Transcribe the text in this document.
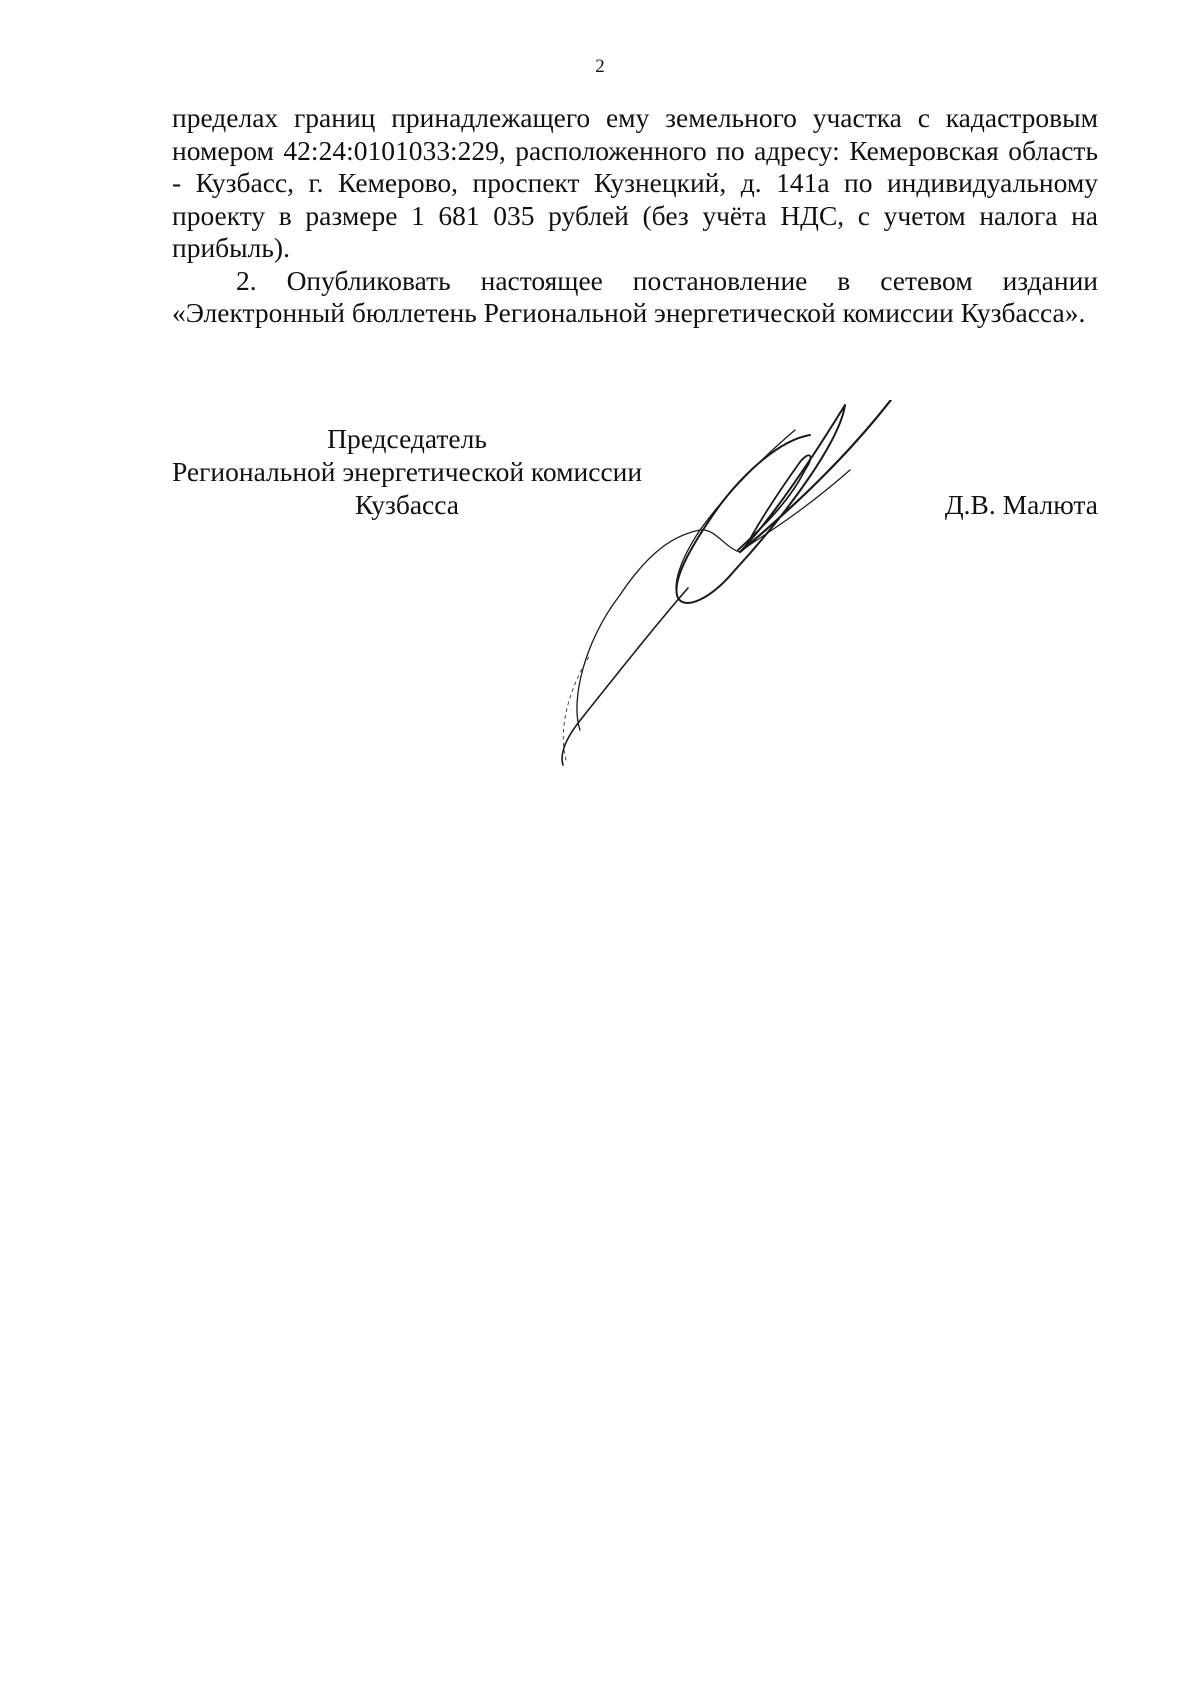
2

пределах границ принадлежащего ему земельного участка с кадастровым номером 42:24:0101033:229, расположенного по адресу: Кемеровская область - Кузбасс, г. Кемерово, проспект Кузнецкий, д. 141а по индивидуальному проекту в размере 1 681 035 рублей (без учёта НДС, с учетом налога на прибыль).

2. Опубликовать настоящее постановление в сетевом издании «Электронный бюллетень Региональной энергетической комиссии Кузбасса».

Председатель
Региональной энергетической комиссии
Кузбасса	Д.В. Малюта
